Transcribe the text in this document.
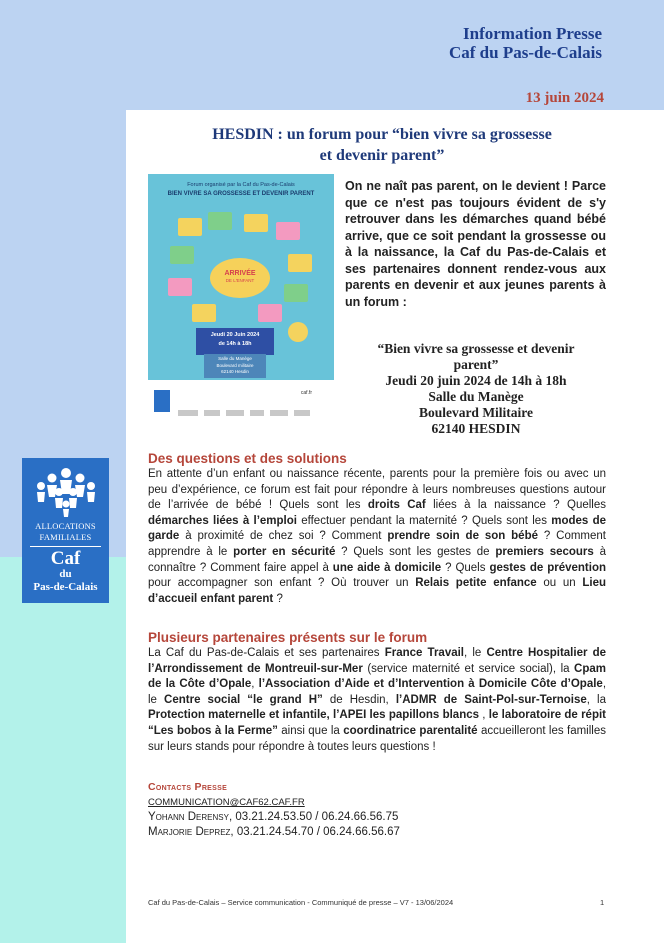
Information Presse
Caf du Pas-de-Calais
13 juin 2024
ALLOCATIONS
FAMILIALES
Caf
du
Pas-de-Calais
HESDIN : un forum pour “bien vivre sa grossesse
et devenir parent”
Forum organisé par la Caf du Pas-de-Calais
BIEN VIVRE SA GROSSESSE ET DEVENIR PARENT
ARRIVÉE
DE L'ENFANT
Jeudi 20 Juin 2024
de 14h à 18h
Salle du Manège
Boulevard militaire
62140 Hesdin
caf.fr
On ne naît pas parent, on le devient ! Parce que ce n'est pas toujours évident de s'y retrouver dans les démarches quand bébé arrive, que ce soit pendant la grossesse ou à la naissance, la Caf du Pas-de-Calais et ses partenaires donnent rendez-vous aux parents en devenir et aux jeunes parents à un forum :
“Bien vivre sa grossesse et devenir
parent”
Jeudi 20 juin 2024 de 14h à 18h
Salle du Manège
Boulevard Militaire
62140 HESDIN
Des questions et des solutions
En attente d’un enfant ou naissance récente, parents pour la première fois ou avec un peu d’expérience, ce forum est fait pour répondre à leurs nombreuses questions autour de l’arrivée de bébé ! Quels sont les droits Caf liées à la naissance ? Quelles démarches liées à l’emploi effectuer pendant la maternité ? Quels sont les modes de garde à proximité de chez soi ? Comment prendre soin de son bébé ? Comment apprendre à le porter en sécurité ? Quels sont les gestes de premiers secours à connaître ? Comment faire appel à une aide à domicile ? Quels gestes de prévention pour accompagner son enfant ? Où trouver un Relais petite enfance ou un Lieu d’accueil enfant parent ?
Plusieurs partenaires présents sur le forum
La Caf du Pas-de-Calais et ses partenaires France Travail, le Centre Hospitalier de l’Arrondissement de Montreuil-sur-Mer (service maternité et service social), la Cpam de la Côte d’Opale, l’Association d’Aide et d’Intervention à Domicile Côte d’Opale, le Centre social “le grand H” de Hesdin, l’ADMR de Saint-Pol-sur-Ternoise, la Protection maternelle et infantile, l’APEI les papillons blancs , le laboratoire de répit “Les bobos à la Ferme” ainsi que la coordinatrice parentalité accueilleront les familles sur leurs stands pour répondre à toutes leurs questions !
Contacts Presse
COMMUNICATION@CAF62.CAF.FR
Yohann Derensy, 03.21.24.53.50 / 06.24.66.56.75
Marjorie Deprez, 03.21.24.54.70 / 06.24.66.56.67
Caf du Pas-de-Calais – Service communication - Communiqué de presse – V7 - 13/06/2024	1
